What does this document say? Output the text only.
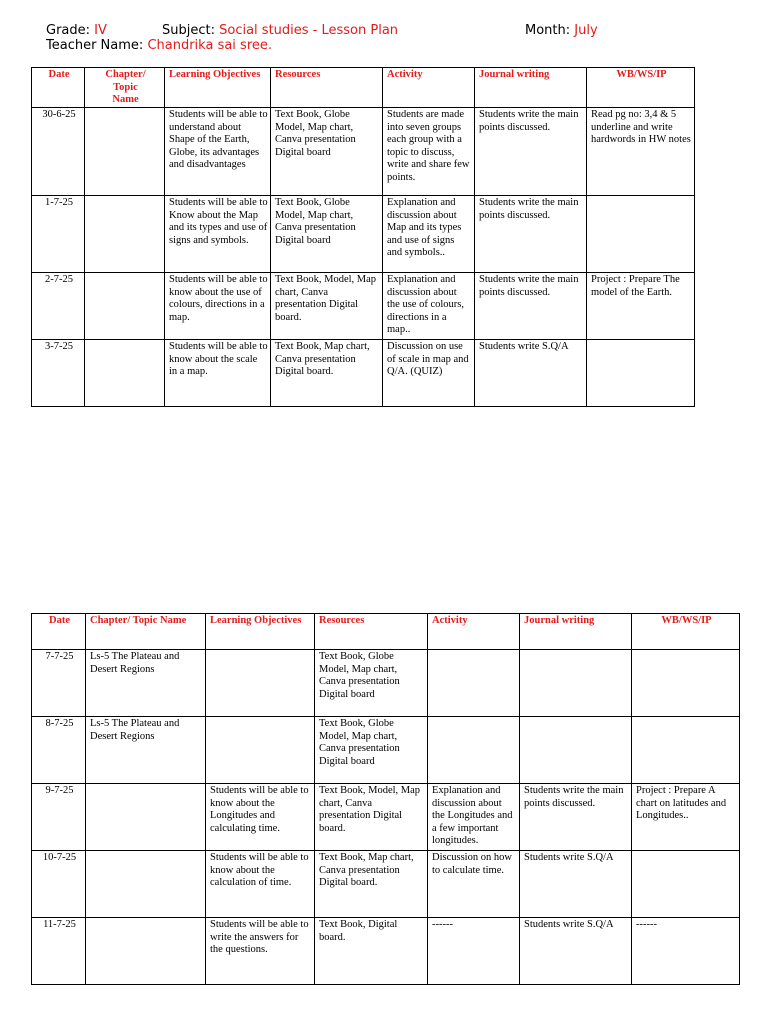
Grade: IV	Subject: Social studies - Lesson Plan	Month: July
Teacher Name: Chandrika sai sree.
Date	Chapter/
Topic
Name	Learning Objectives	Resources	Activity	Journal writing	WB/WS/IP
30-6-25		Students will be able to understand about Shape of the Earth, Globe, its advantages and disadvantages	Text Book, Globe Model, Map chart, Canva presentation Digital board	Students are made into seven groups each group with a topic to discuss, write and share few points.	Students write the main points discussed.	Read pg no: 3,4 & 5 underline and write hardwords in HW notes
1-7-25		Students will be able to Know about the Map and its types and use of signs and symbols.	Text Book, Globe Model, Map chart, Canva presentation Digital board	Explanation and discussion about Map and its types and use of signs and symbols..	Students write the main points discussed.	
2-7-25		Students will be able to know about the use of colours, directions in a map.	Text Book, Model, Map chart, Canva presentation Digital board.	Explanation and discussion about the use of colours, directions in a map..	Students write the main points discussed.	Project : Prepare The model of the Earth.
3-7-25		Students will be able to know about the scale in a map.	Text Book, Map chart, Canva presentation Digital board.	Discussion on use of scale in map and Q/A. (QUIZ)	Students write S.Q/A	
Date	Chapter/ Topic Name	Learning Objectives	Resources	Activity	Journal writing	WB/WS/IP
7-7-25	Ls-5 The Plateau and Desert Regions		Text Book, Globe Model, Map chart, Canva presentation Digital board			
8-7-25	Ls-5 The Plateau and Desert Regions		Text Book, Globe Model, Map chart, Canva presentation Digital board			
9-7-25		Students will be able to know about the Longitudes and calculating time.	Text Book, Model, Map chart, Canva presentation Digital board.	Explanation and discussion about the Longitudes and a few important longitudes.	Students write the main points discussed.	Project : Prepare A chart on latitudes and Longitudes..
10-7-25		Students will be able to know about the calculation of time.	Text Book, Map chart, Canva presentation Digital board.	Discussion on how to calculate time.	Students write S.Q/A	
11-7-25		Students will be able to write the answers for the questions.	Text Book, Digital board.	------	Students write S.Q/A	------
